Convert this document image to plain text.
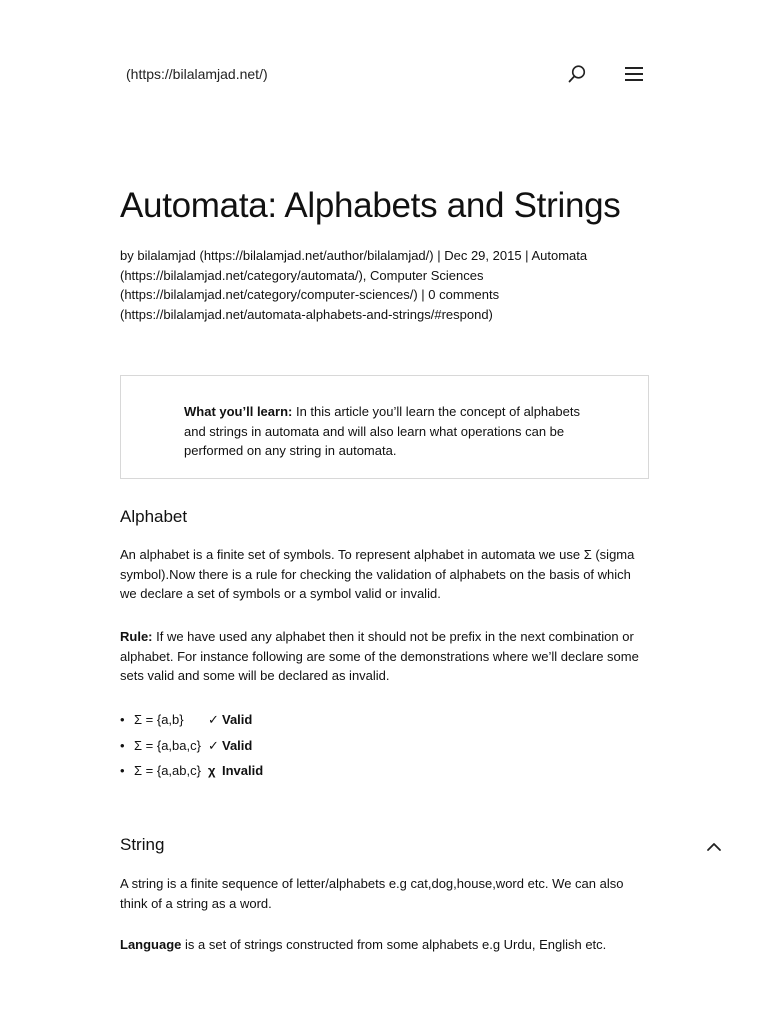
(https://bilalamjad.net/)
Automata: Alphabets and Strings
by bilalamjad (https://bilalamjad.net/author/bilalamjad/) | Dec 29, 2015 | Automata (https://bilalamjad.net/category/automata/), Computer Sciences (https://bilalamjad.net/category/computer-sciences/) | 0 comments (https://bilalamjad.net/automata-alphabets-and-strings/#respond)
What you’ll learn: In this article you’ll learn the concept of alphabets and strings in automata and will also learn what operations can be performed on any string in automata.
Alphabet

An alphabet is a finite set of symbols. To represent alphabet in automata we use Σ (sigma symbol).Now there is a rule for checking the validation of alphabets on the basis of which we declare a set of symbols or a symbol valid or invalid.

Rule: If we have used any alphabet then it should not be prefix in the next combination or alphabet. For instance following are some of the demonstrations where we’ll declare some sets valid and some will be declared as invalid.

• Σ = {a,b} ✓ Valid
• Σ = {a,ba,c} ✓ Valid
• Σ = {a,ab,c} χ Invalid
String

A string is a finite sequence of letter/alphabets e.g cat,dog,house,word etc. We can also think of a string as a word.

Language is a set of strings constructed from some alphabets e.g Urdu, English etc.
